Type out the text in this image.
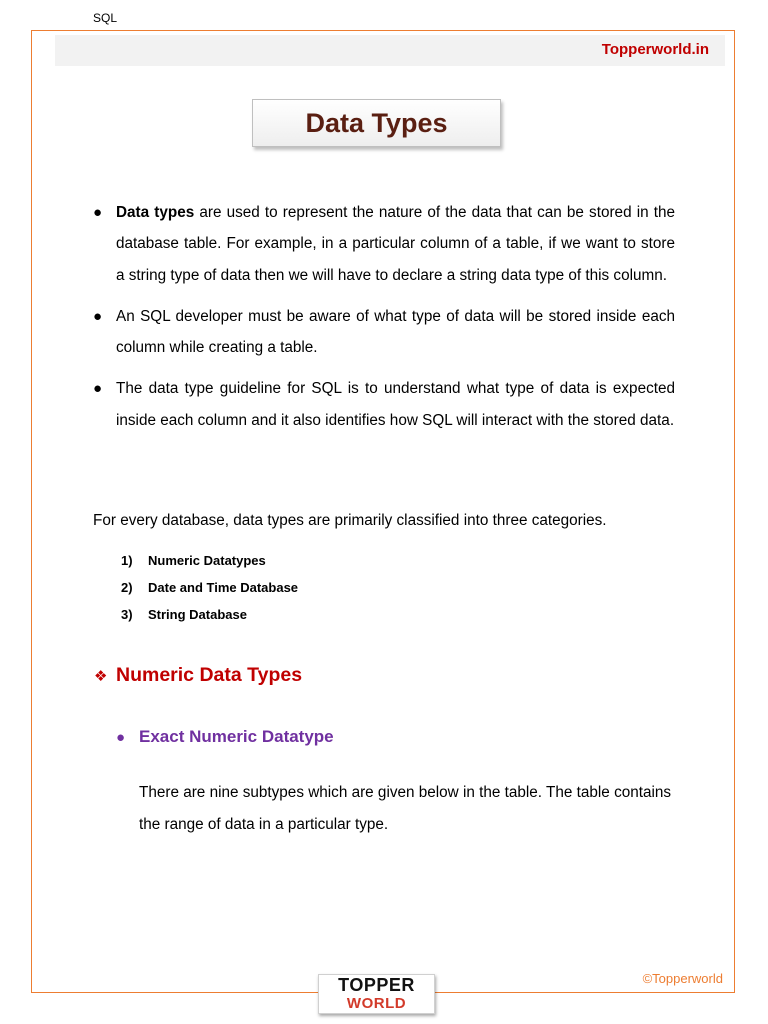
SQL
Topperworld.in
Data Types
● Data types are used to represent the nature of the data that can be stored in the database table. For example, in a particular column of a table, if we want to store a string type of data then we will have to declare a string data type of this column.
● An SQL developer must be aware of what type of data will be stored inside each column while creating a table.
● The data type guideline for SQL is to understand what type of data is expected inside each column and it also identifies how SQL will interact with the stored data.
For every database, data types are primarily classified into three categories.
1) Numeric Datatypes
2) Date and Time Database
3) String Database
❖ Numeric Data Types
● Exact Numeric Datatype
There are nine subtypes which are given below in the table. The table contains the range of data in a particular type.
©Topperworld
TOPPER
WORLD
